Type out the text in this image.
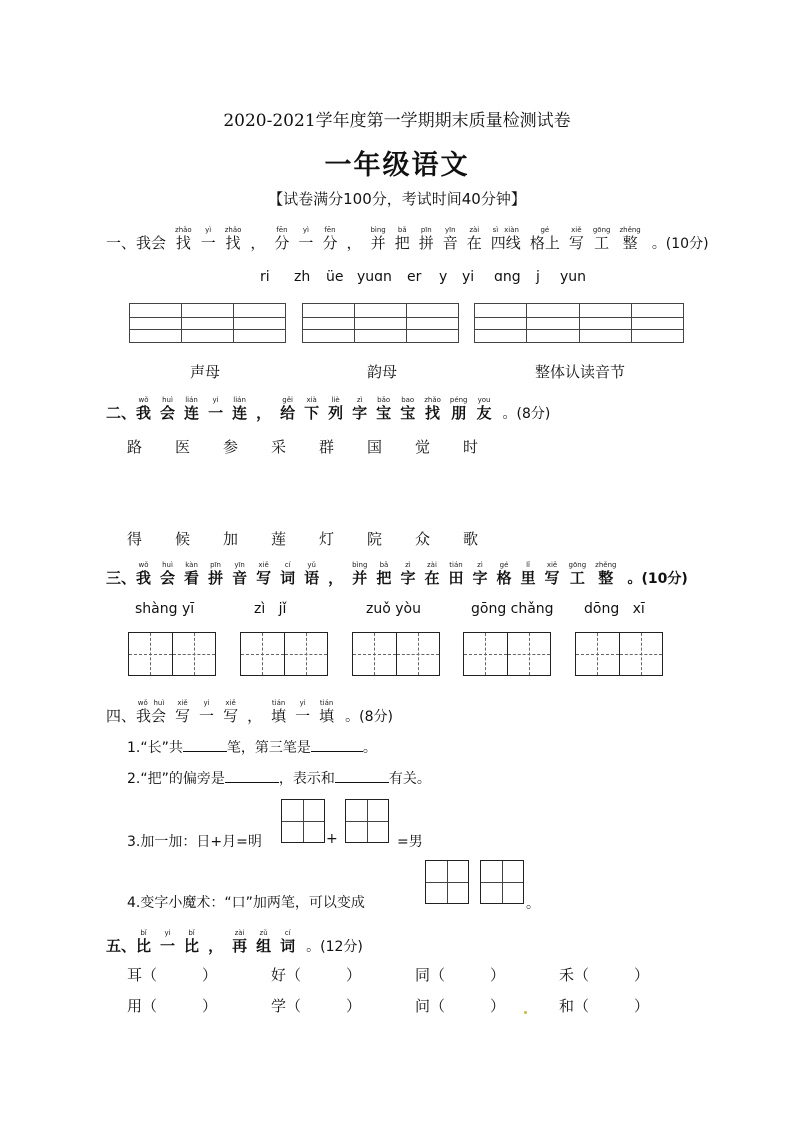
2020-2021学年度第一学期期末质量检测试卷
一年级语文
【试卷满分100分，考试时间40分钟】
一、 我会 找zhǎo一yì找zhǎo， 分fēn一yì分fēn， 并bìng把bǎ拼pīn音yīn在zài四线sì xiàn格上gé写xiě工gōng整zhěng
。(10分)
ri zh üe yuɑn er y yi ɑng j yun
声母	韵母	整体认读音节
二、 我wǒ会huì连lián一yi连lián， 给gěi下xià列liè字zì宝bǎo宝bao找zhǎo朋péng友you
。(8分)
路 医 参 采 群 国 觉 时
得 候 加 莲 灯 院 众 歌
三、 我wǒ会huì看kàn拼pīn音yīn写xiě词cí语yǔ， 并bìng把bǎ字zì在zài田tián字zì格gé里lǐ写xiě工gōng整zhěng
。(10分)
shàng yī	zì   jǐ	zuǒ yòu	gōng chǎng dōng   xī
四、 我会wǒ huì写xiě一yi写xiě， 填tián一yi填tián
。(8分)
1.“长”共	笔，第三笔是	。
2.“把”的偏旁是	，表示和	有关。
3.加一加：日+月=明	+	=男
4.变字小魔术：“口”加两笔，可以变成	。
五、 比bǐ一yi比bǐ， 再zài组zǔ词cí
。(12分)
耳（　　　）	好（　　　）	同（　　　）	禾（　　　）
用（　　　）	学（　　　）	问（　　　）	和（　　　）
